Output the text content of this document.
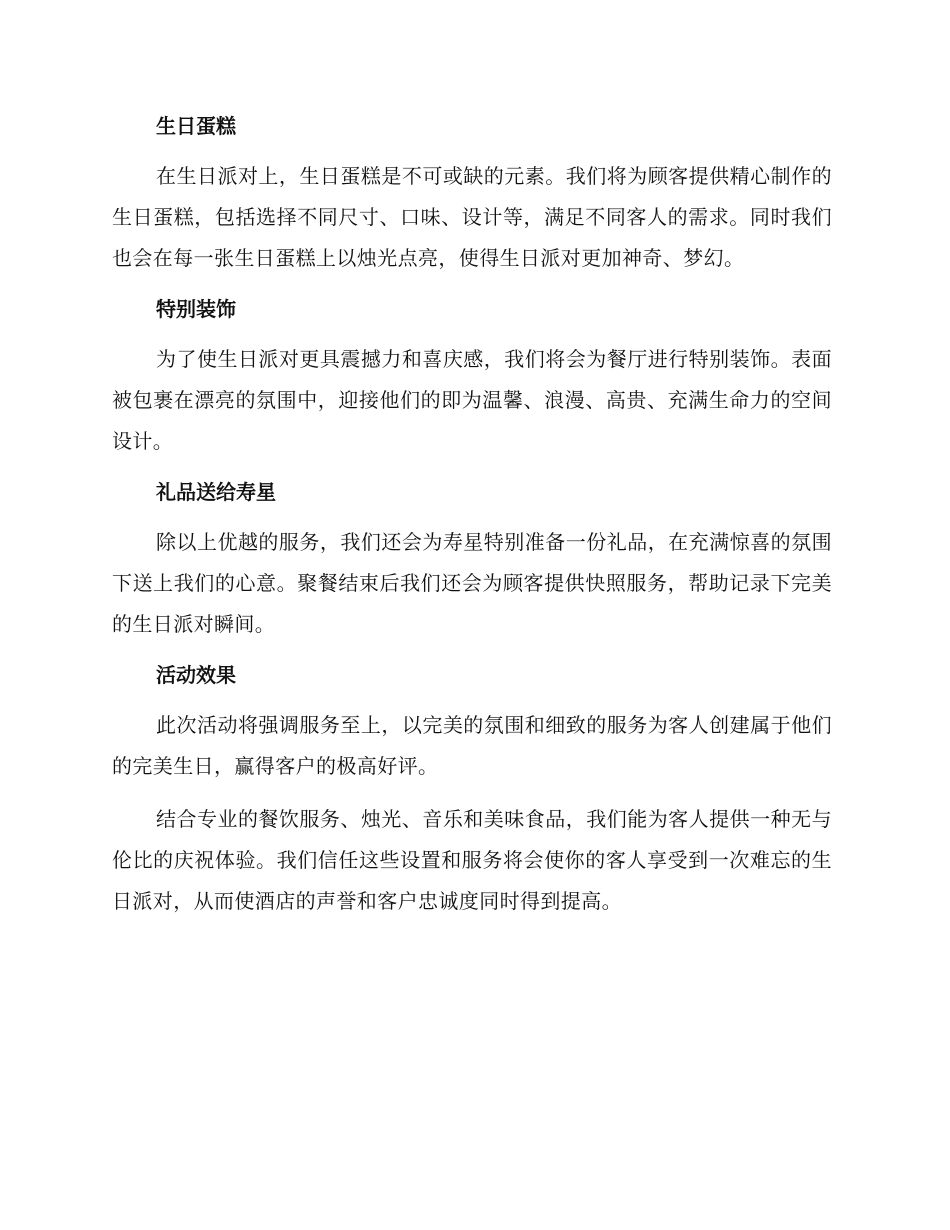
生日蛋糕

在生日派对上，生日蛋糕是不可或缺的元素。我们将为顾客提供精心制作的生日蛋糕，包括选择不同尺寸、口味、设计等，满足不同客人的需求。同时我们也会在每一张生日蛋糕上以烛光点亮，使得生日派对更加神奇、梦幻。

特别装饰

为了使生日派对更具震撼力和喜庆感，我们将会为餐厅进行特别装饰。表面被包裹在漂亮的氛围中，迎接他们的即为温馨、浪漫、高贵、充满生命力的空间设计。

礼品送给寿星

除以上优越的服务，我们还会为寿星特别准备一份礼品，在充满惊喜的氛围下送上我们的心意。聚餐结束后我们还会为顾客提供快照服务，帮助记录下完美的生日派对瞬间。

活动效果

此次活动将强调服务至上，以完美的氛围和细致的服务为客人创建属于他们的完美生日，赢得客户的极高好评。

结合专业的餐饮服务、烛光、音乐和美味食品，我们能为客人提供一种无与伦比的庆祝体验。我们信任这些设置和服务将会使你的客人享受到一次难忘的生日派对，从而使酒店的声誉和客户忠诚度同时得到提高。
